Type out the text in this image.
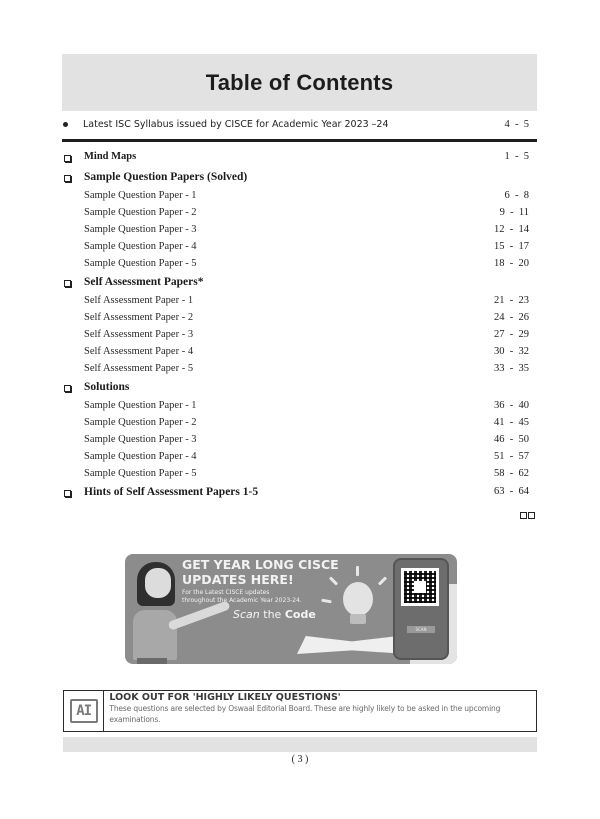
Table of Contents
Latest ISC Syllabus issued by CISCE for Academic Year 2023 –24	4  -  5
Mind Maps	1  -  5
Sample Question Papers (Solved)
Sample Question Paper - 1	6  -  8
Sample Question Paper - 2	9  -  11
Sample Question Paper - 3	12  -  14
Sample Question Paper - 4	15  -  17
Sample Question Paper - 5	18  -  20
Self Assessment Papers*
Self Assessment Paper - 1	21  -  23
Self Assessment Paper - 2	24  -  26
Self Assessment Paper - 3	27  -  29
Self Assessment Paper - 4	30  -  32
Self Assessment Paper - 5	33  -  35
Solutions
Sample Question Paper - 1	36  -  40
Sample Question Paper - 2	41  -  45
Sample Question Paper - 3	46  -  50
Sample Question Paper - 4	51  -  57
Sample Question Paper - 5	58  -  62
Hints of Self Assessment Papers 1-5	63  -  64
GET YEAR LONG CISCE
UPDATES HERE!
For the Latest CISCE updates throughout the Academic Year 2023-24.
Scan the Code
SCAN
AI
LOOK OUT FOR 'HIGHLY LIKELY QUESTIONS'
These questions are selected by Oswaal Editorial Board. These are highly likely to be asked in the upcoming examinations.
( 3 )
